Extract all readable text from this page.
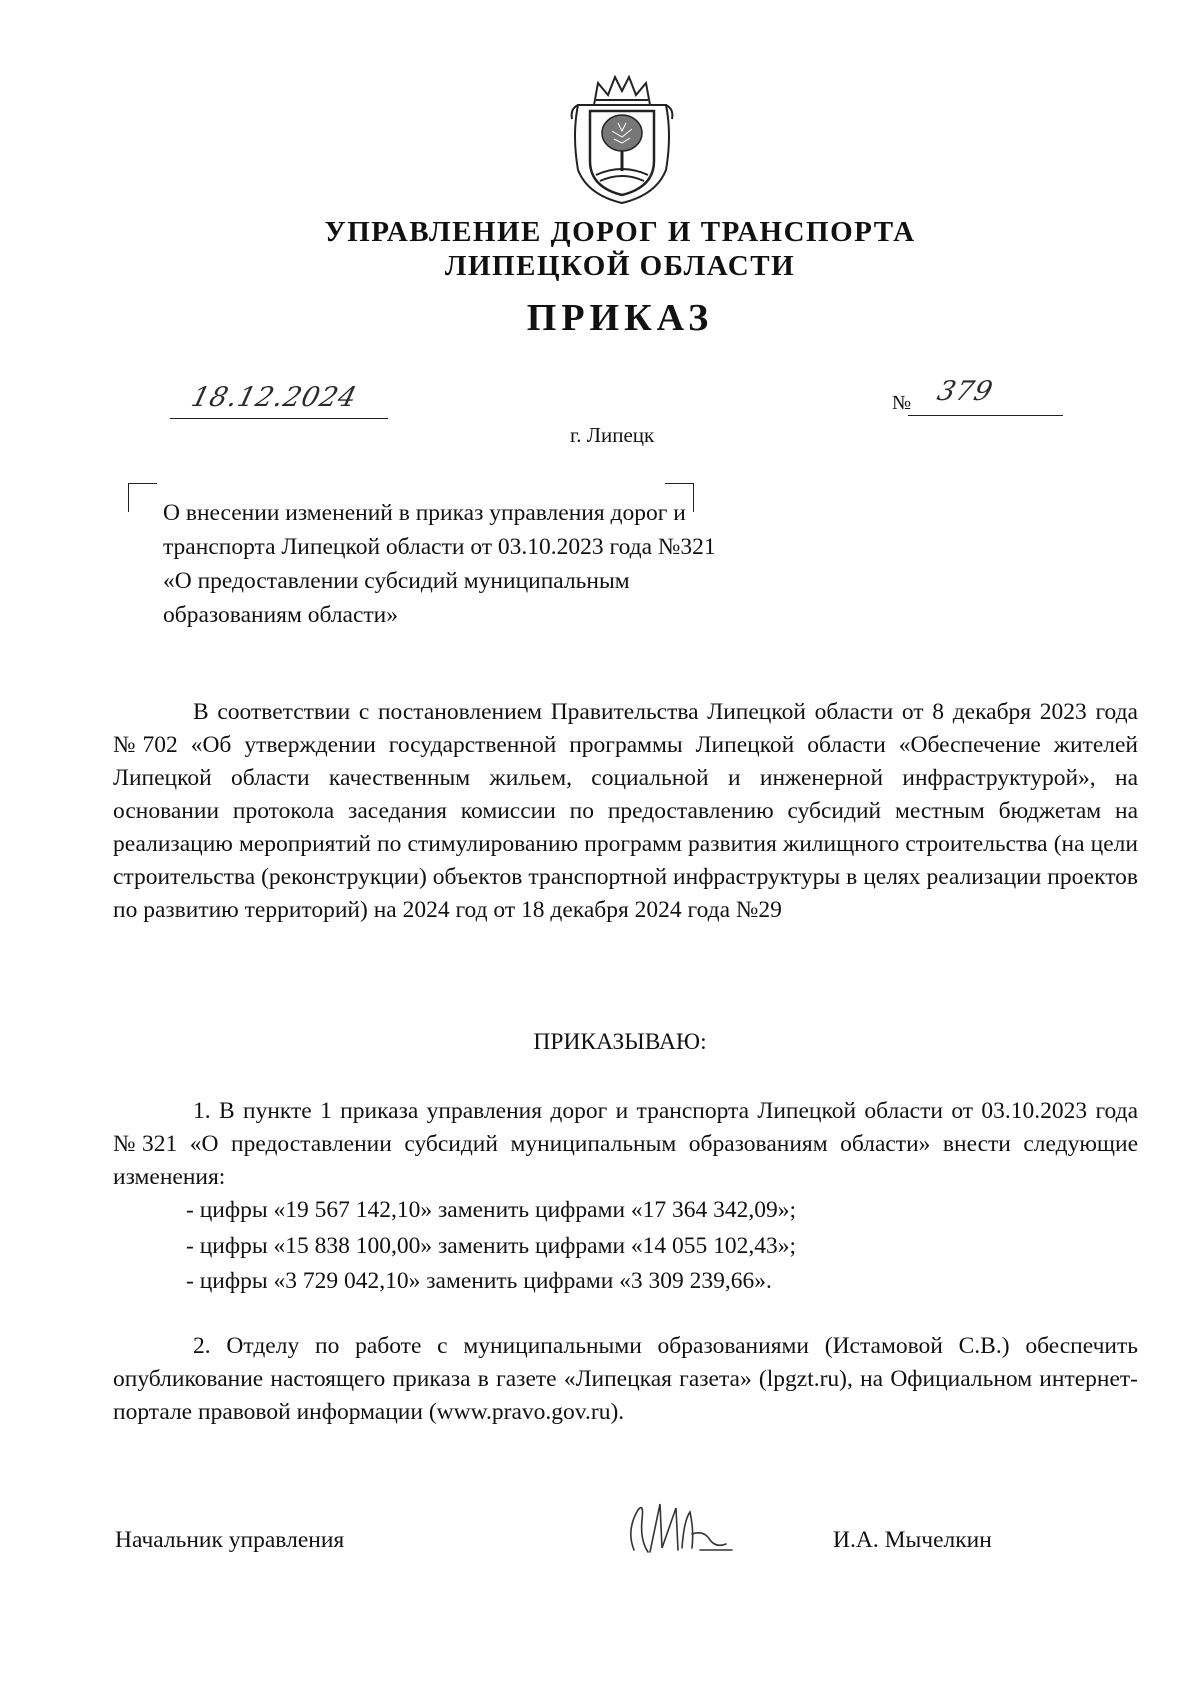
УПРАВЛЕНИЕ ДОРОГ И ТРАНСПОРТА
ЛИПЕЦКОЙ ОБЛАСТИ
ПРИКАЗ
18.12.2024	№ 379
г. Липецк
О внесении изменений в приказ управления дорог и транспорта Липецкой области от 03.10.2023 года №321 «О предоставлении субсидий муниципальным образованиям области»
В соответствии с постановлением Правительства Липецкой области от 8 декабря 2023 года №702 «Об утверждении государственной программы Липецкой области «Обеспечение жителей Липецкой области качественным жильем, социальной и инженерной инфраструктурой», на основании протокола заседания комиссии по предоставлению субсидий местным бюджетам на реализацию мероприятий по стимулированию программ развития жилищного строительства (на цели строительства (реконструкции) объектов транспортной инфраструктуры в целях реализации проектов по развитию территорий) на 2024 год от 18 декабря 2024 года №29
ПРИКАЗЫВАЮ:
1. В пункте 1 приказа управления дорог и транспорта Липецкой области от 03.10.2023 года №321 «О предоставлении субсидий муниципальным образованиям области» внести следующие изменения:
- цифры «19 567 142,10» заменить цифрами «17 364 342,09»;
- цифры «15 838 100,00» заменить цифрами «14 055 102,43»;
- цифры «3 729 042,10» заменить цифрами «3 309 239,66».
2. Отделу по работе с муниципальными образованиями (Истамовой С.В.) обеспечить опубликование настоящего приказа в газете «Липецкая газета» (lpgzt.ru), на Официальном интернет-портале правовой информации (www.pravo.gov.ru).
Начальник управления	И.А. Мычелкин
